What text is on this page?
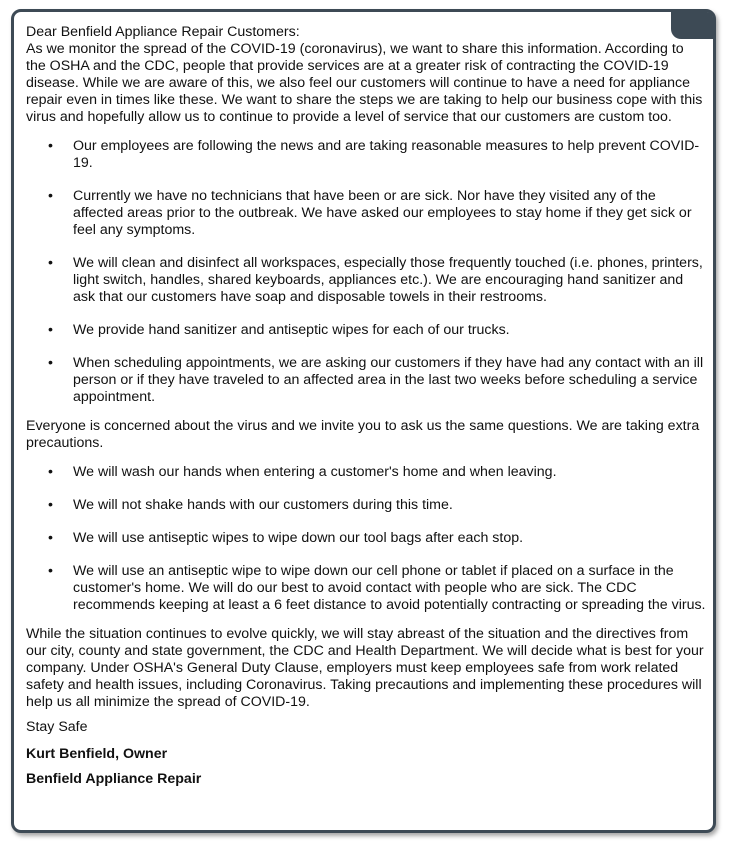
Dear Benfield Appliance Repair Customers:

As we monitor the spread of the COVID-19 (coronavirus), we want to share this information. According to the OSHA and the CDC, people that provide services are at a greater risk of contracting the COVID-19 disease. While we are aware of this, we also feel our customers will continue to have a need for appliance repair even in times like these. We want to share the steps we are taking to help our business cope with this virus and hopefully allow us to continue to provide a level of service that our customers are custom too.

• Our employees are following the news and are taking reasonable measures to help prevent COVID-19.
• Currently we have no technicians that have been or are sick. Nor have they visited any of the affected areas prior to the outbreak. We have asked our employees to stay home if they get sick or feel any symptoms.
• We will clean and disinfect all workspaces, especially those frequently touched (i.e. phones, printers, light switch, handles, shared keyboards, appliances etc.). We are encouraging hand sanitizer and ask that our customers have soap and disposable towels in their restrooms.
• We provide hand sanitizer and antiseptic wipes for each of our trucks.
• When scheduling appointments, we are asking our customers if they have had any contact with an ill person or if they have traveled to an affected area in the last two weeks before scheduling a service appointment.

Everyone is concerned about the virus and we invite you to ask us the same questions. We are taking extra precautions.

• We will wash our hands when entering a customer's home and when leaving.
• We will not shake hands with our customers during this time.
• We will use antiseptic wipes to wipe down our tool bags after each stop.
• We will use an antiseptic wipe to wipe down our cell phone or tablet if placed on a surface in the customer's home. We will do our best to avoid contact with people who are sick. The CDC recommends keeping at least a 6 feet distance to avoid potentially contracting or spreading the virus.

While the situation continues to evolve quickly, we will stay abreast of the situation and the directives from our city, county and state government, the CDC and Health Department. We will decide what is best for your company. Under OSHA's General Duty Clause, employers must keep employees safe from work related safety and health issues, including Coronavirus. Taking precautions and implementing these procedures will help us all minimize the spread of COVID-19.

Stay Safe

Kurt Benfield, Owner

Benfield Appliance Repair
